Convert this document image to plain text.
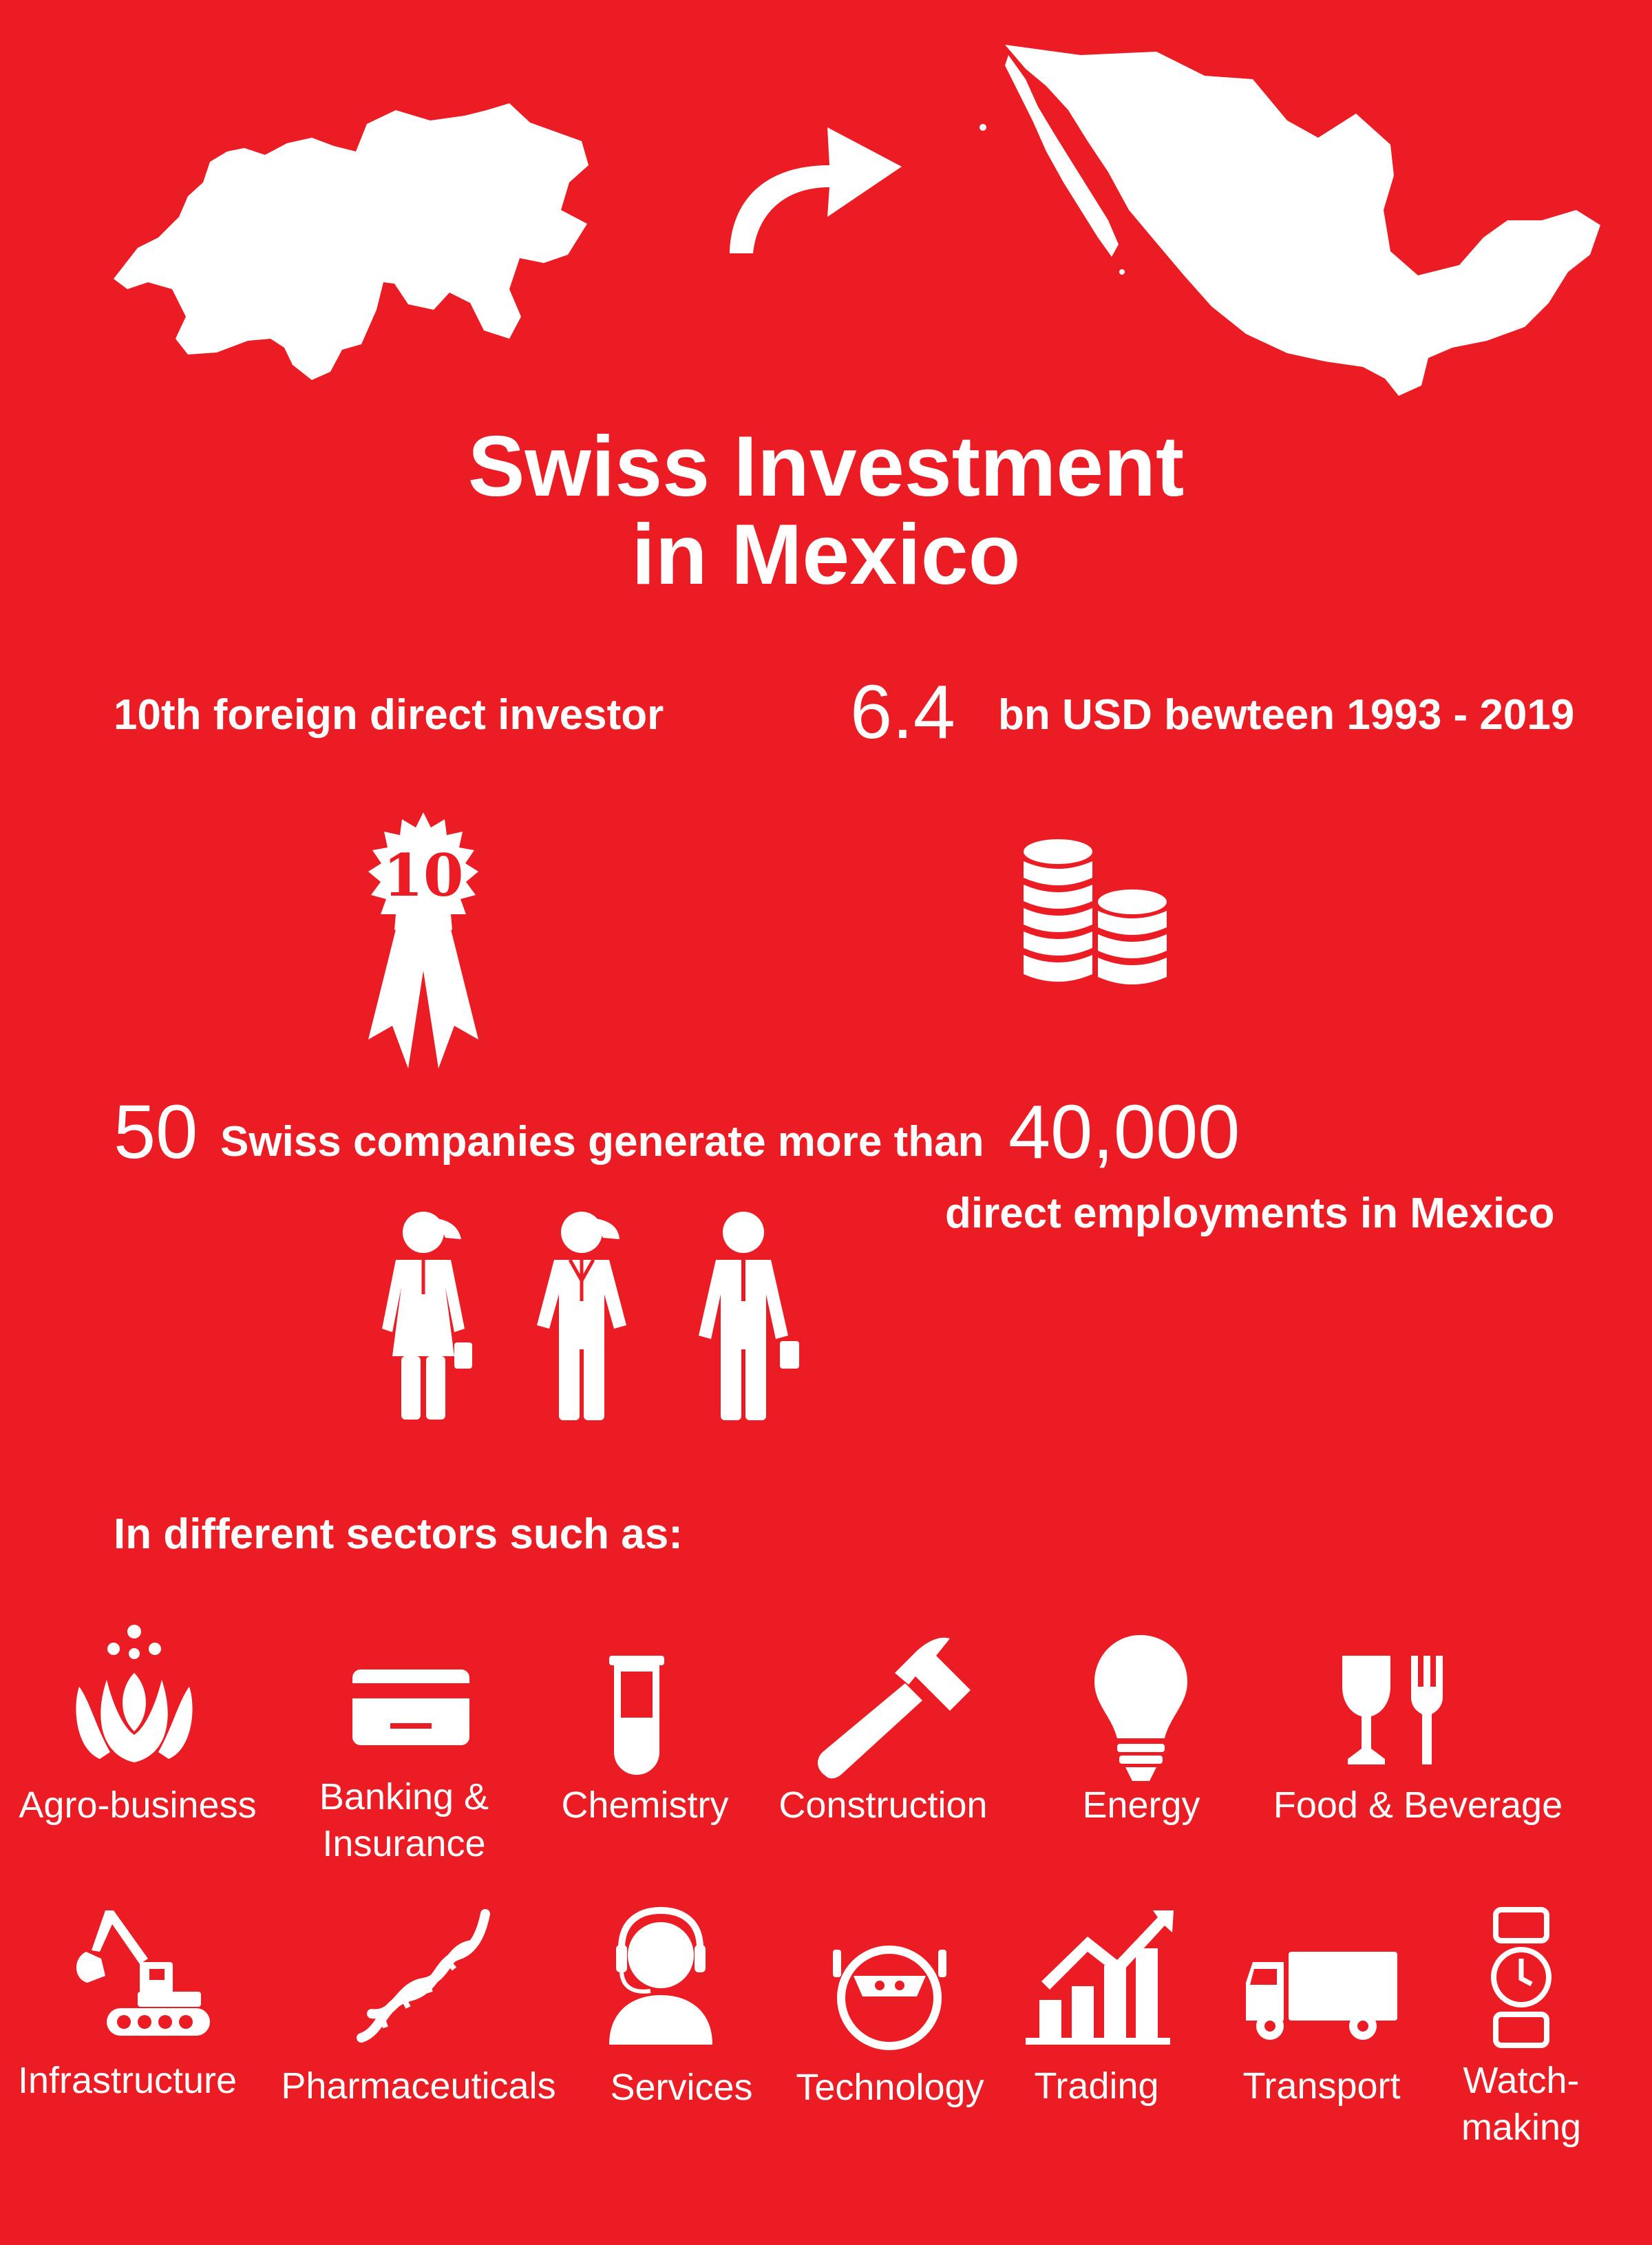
Swiss Investment
in Mexico
10th foreign direct investor 6.4 bn USD bewteen 1993 - 2019
10
50 Swiss companies generate more than 40,000
direct employments in Mexico
In different sectors such as:
Agro-business	Banking &
Insurance
Chemistry	Construction	Energy	Food & Beverage
Infrastructure	Pharmaceuticals	Services	Technology	Trading	Transport	Watch-
making
